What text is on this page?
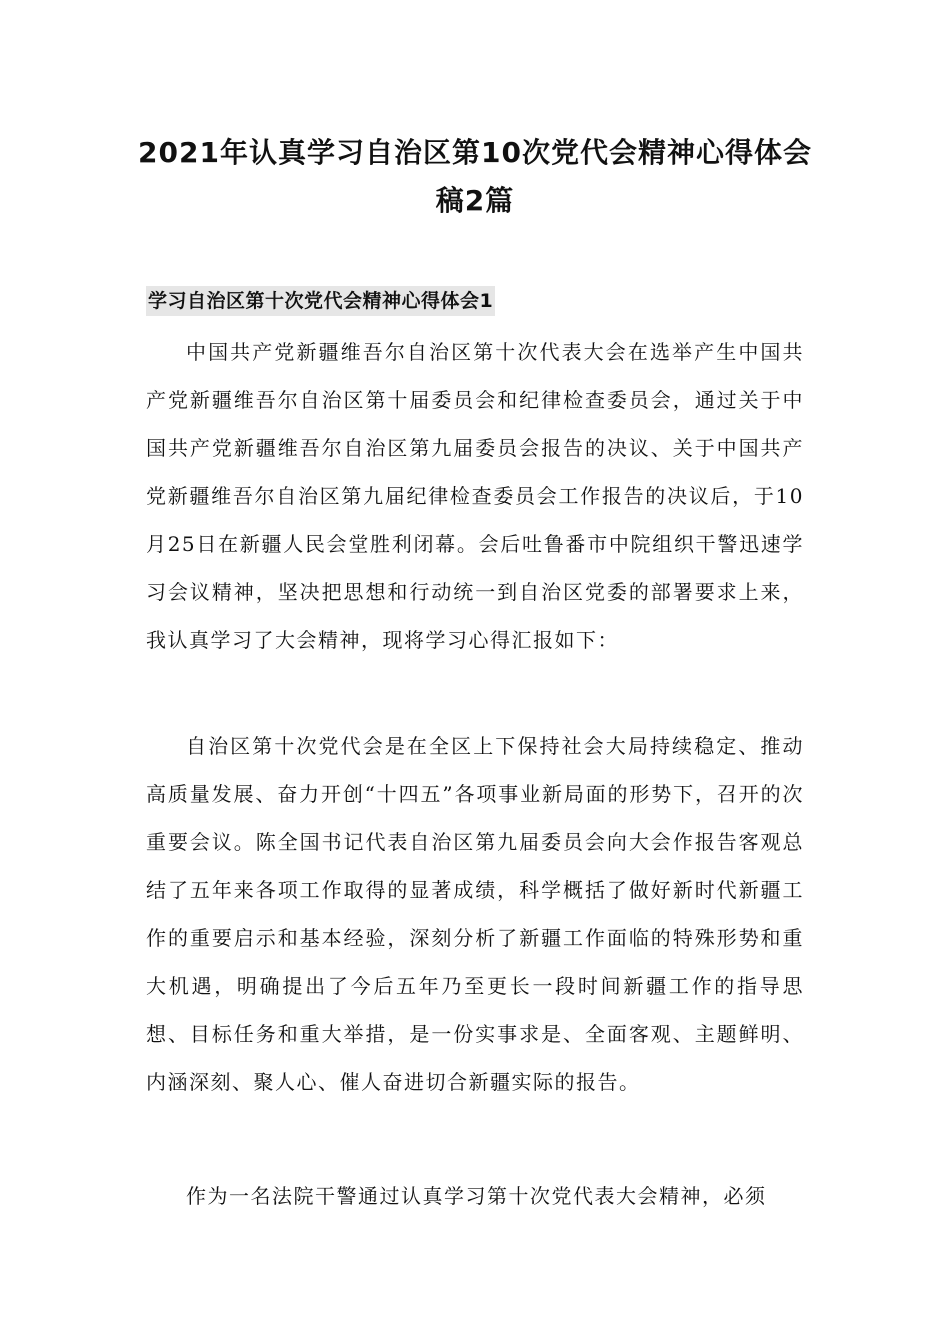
2021年认真学习自治区第10次党代会精神心得体会
稿2篇
学习自治区第十次党代会精神心得体会1

中国共产党新疆维吾尔自治区第十次代表大会在选举产生中国共产党新疆维吾尔自治区第十届委员会和纪律检查委员会，通过关于中国共产党新疆维吾尔自治区第九届委员会报告的决议、关于中国共产党新疆维吾尔自治区第九届纪律检查委员会工作报告的决议后，于10月25日在新疆人民会堂胜利闭幕。会后吐鲁番市中院组织干警迅速学习会议精神，坚决把思想和行动统一到自治区党委的部署要求上来，我认真学习了大会精神，现将学习心得汇报如下：

自治区第十次党代会是在全区上下保持社会大局持续稳定、推动高质量发展、奋力开创“十四五”各项事业新局面的形势下，召开的次重要会议。陈全国书记代表自治区第九届委员会向大会作报告客观总结了五年来各项工作取得的显著成绩，科学概括了做好新时代新疆工作的重要启示和基本经验，深刻分析了新疆工作面临的特殊形势和重大机遇，明确提出了今后五年乃至更长一段时间新疆工作的指导思想、目标任务和重大举措，是一份实事求是、全面客观、主题鲜明、内涵深刻、聚人心、催人奋进切合新疆实际的报告。

作为一名法院干警通过认真学习第十次党代表大会精神，必须
